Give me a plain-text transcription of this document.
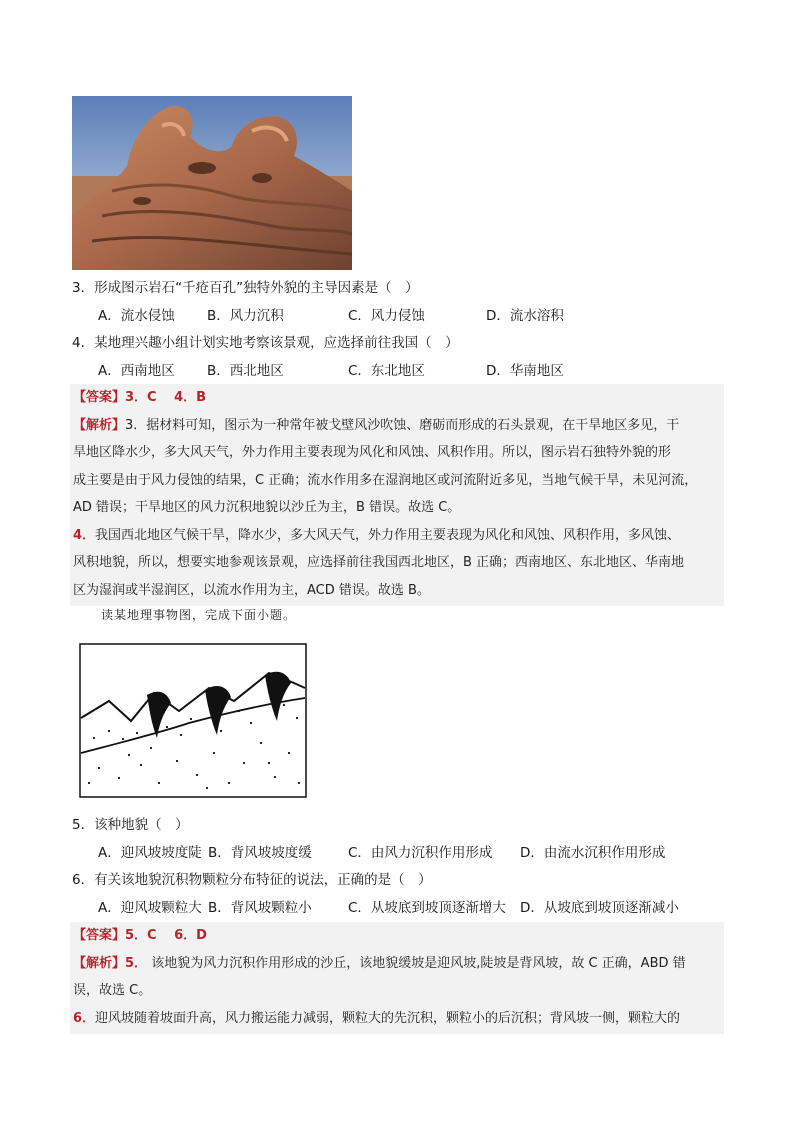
3．形成图示岩石“千疮百孔”独特外貌的主导因素是（　）
A．流水侵蚀 B．风力沉积	C．风力侵蚀	D．流水溶积
4．某地理兴趣小组计划实地考察该景观，应选择前往我国（　）
A．西南地区 B．西北地区	C．东北地区	D．华南地区
【答案】3．C　 4．B
【解析】3．据材料可知，图示为一种常年被戈壁风沙吹蚀、磨砺而形成的石头景观，在干旱地区多见，干
旱地区降水少，多大风天气，外力作用主要表现为风化和风蚀、风积作用。所以，图示岩石独特外貌的形
成主要是由于风力侵蚀的结果，C 正确；流水作用多在湿润地区或河流附近多见，当地气候干旱，未见河流，
AD 错误；干旱地区的风力沉积地貌以沙丘为主，B 错误。故选 C。
4．我国西北地区气候干旱，降水少，多大风天气，外力作用主要表现为风化和风蚀、风积作用，多风蚀、
风积地貌，所以，想要实地参观该景观，应选择前往我国西北地区，B 正确；西南地区、东北地区、华南地
区为湿润或半湿润区，以流水作用为主，ACD 错误。故选 B。
读某地理事物图，完成下面小题。
5．该种地貌（　）
A．迎风坡坡度陡 B．背风坡坡度缓	C．由风力沉积作用形成 D．由流水沉积作用形成
6．有关该地貌沉积物颗粒分布特征的说法，正确的是（　）
A．迎风坡颗粒大 B．背风坡颗粒小	C．从坡底到坡顶逐渐增大 D．从坡底到坡顶逐渐减小
【答案】5．C　 6．D
【解析】5． 该地貌为风力沉积作用形成的沙丘，该地貌缓坡是迎风坡,陡坡是背风坡，故 C 正确，ABD 错
误，故选 C。
6．迎风坡随着坡面升高，风力搬运能力减弱，颗粒大的先沉积，颗粒小的后沉积；背风坡一侧，颗粒大的
